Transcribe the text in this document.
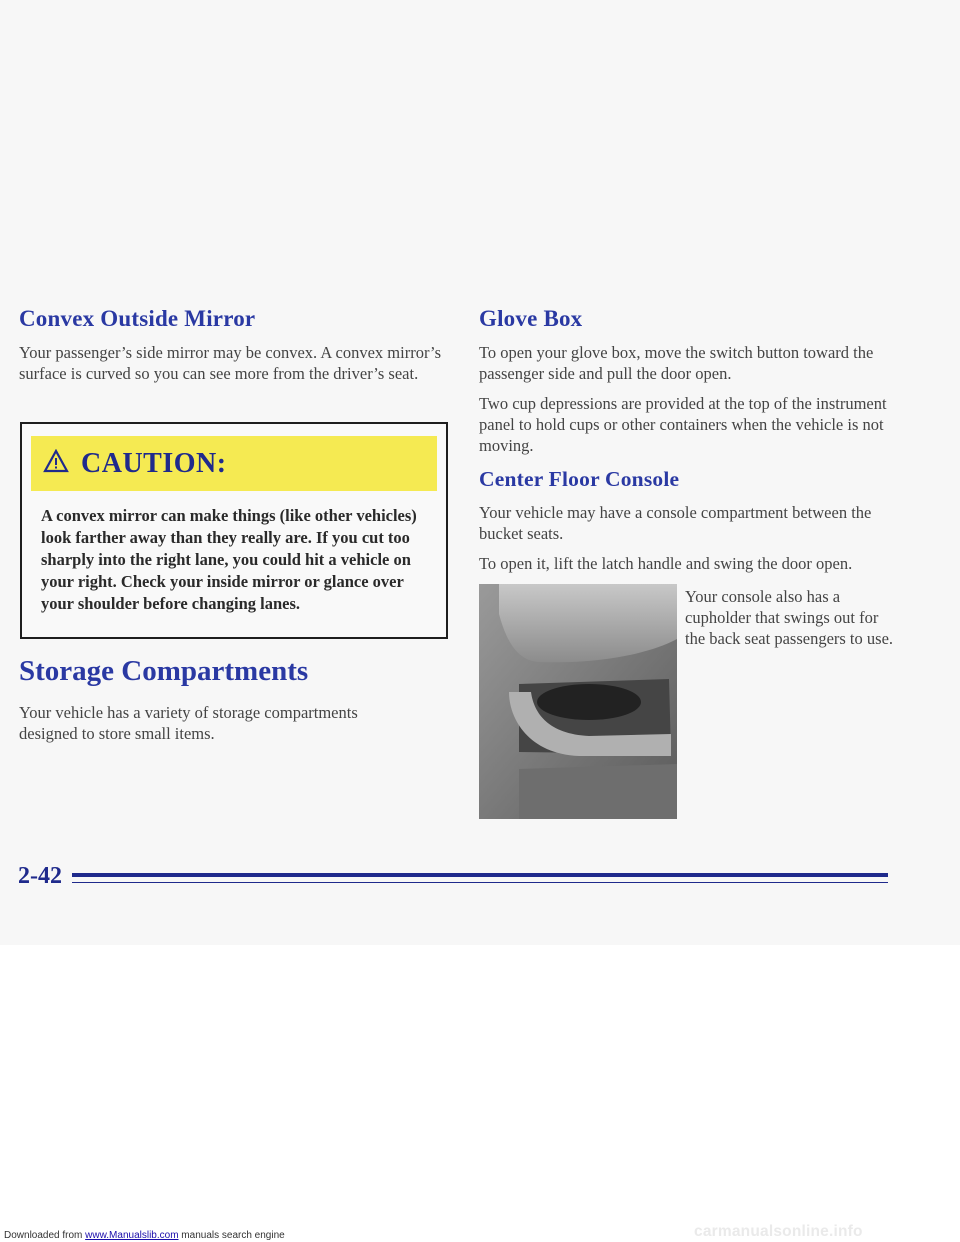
Convex Outside Mirror

Your passenger’s side mirror may be convex. A convex mirror’s surface is curved so you can see more from the driver’s seat.

CAUTION:
A convex mirror can make things (like other vehicles) look farther away than they really are. If you cut too sharply into the right lane, you could hit a vehicle on your right. Check your inside mirror or glance over your shoulder before changing lanes.
Storage Compartments

Your vehicle has a variety of storage compartments designed to store small items.

Glove Box

To open your glove box, move the switch button toward the passenger side and pull the door open.

Two cup depressions are provided at the top of the instrument panel to hold cups or other containers when the vehicle is not moving.

Center Floor Console

Your vehicle may have a console compartment between the bucket seats.

To open it, lift the latch handle and swing the door open.

Your console also has a cupholder that swings out for the back seat passengers to use.

2-42
Downloaded from www.Manualslib.com manuals search engine	carmanualsonline.info
